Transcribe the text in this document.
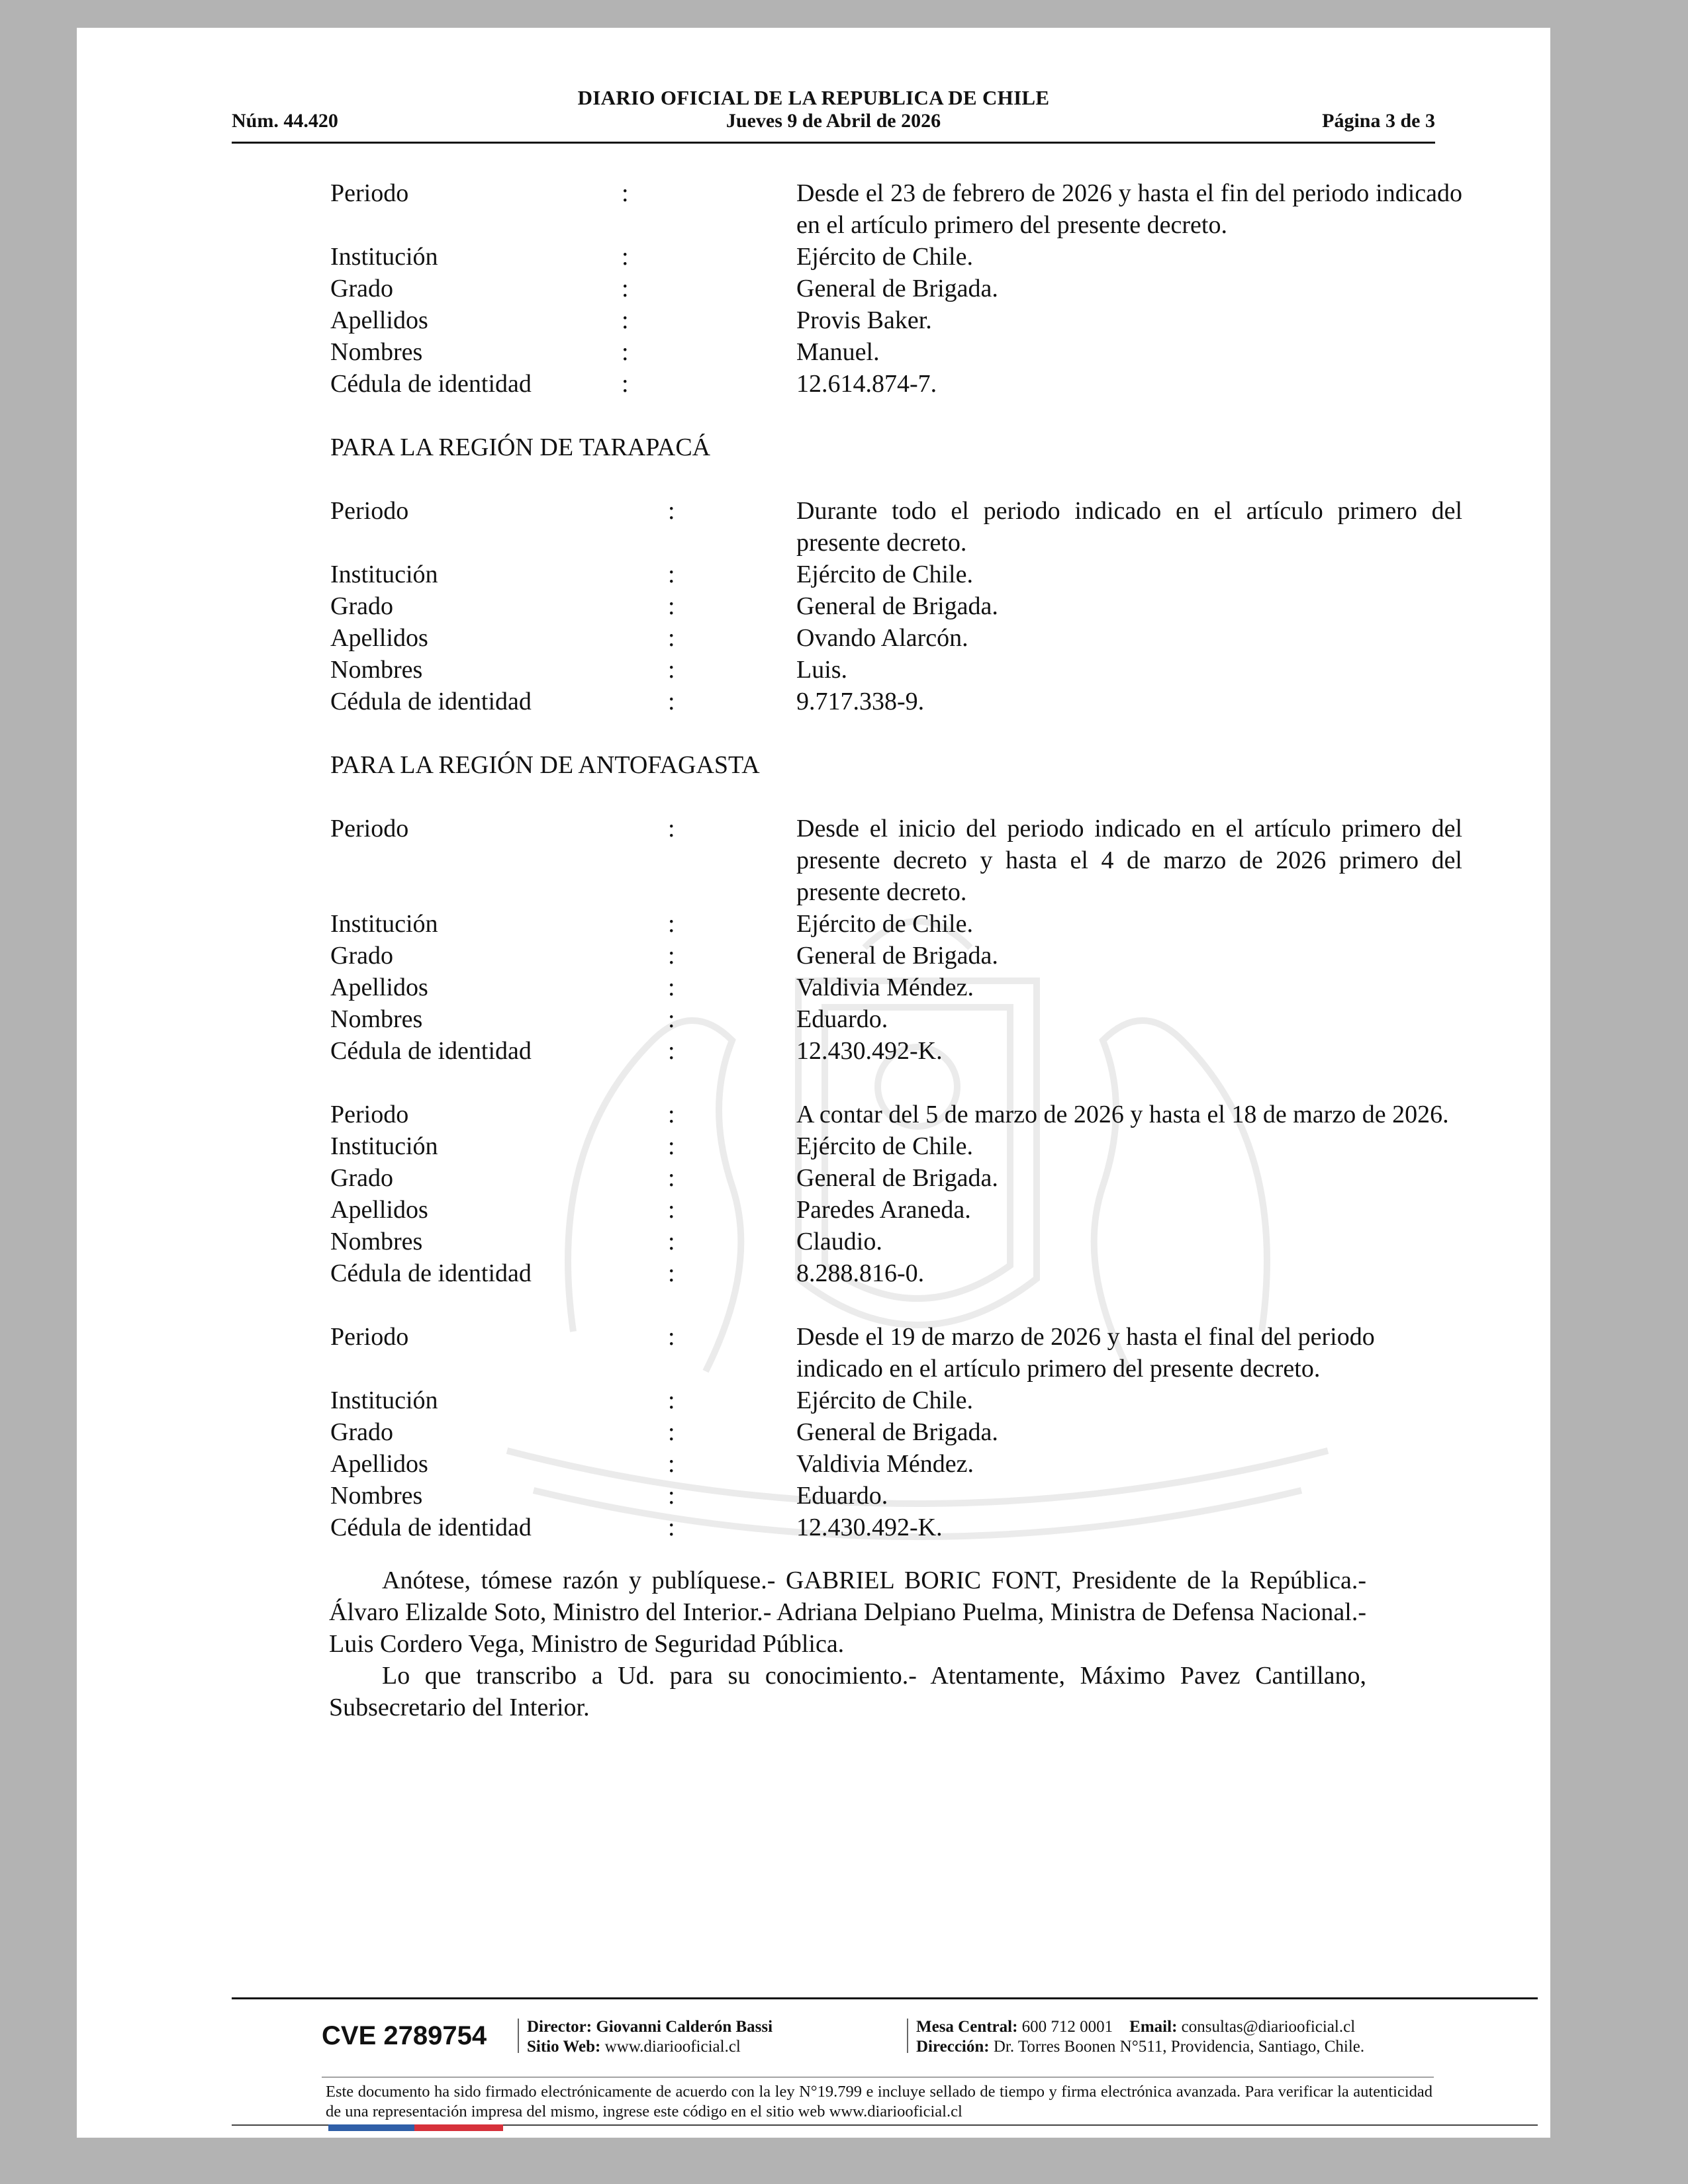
DIARIO OFICIAL DE LA REPUBLICA DE CHILE
Núm. 44.420	Jueves 9 de Abril de 2026	Página 3 de 3
Periodo	:	Desde el 23 de febrero de 2026 y hasta el fin del periodo indicado en el artículo primero del presente decreto.
Institución	:	Ejército de Chile.
Grado	:	General de Brigada.
Apellidos	:	Provis Baker.
Nombres	:	Manuel.
Cédula de identidad	:	12.614.874-7.
PARA LA REGIÓN DE TARAPACÁ
Periodo	:	Durante todo el periodo indicado en el artículo primero del presente decreto.
Institución	:	Ejército de Chile.
Grado	:	General de Brigada.
Apellidos	:	Ovando Alarcón.
Nombres	:	Luis.
Cédula de identidad	:	9.717.338-9.
PARA LA REGIÓN DE ANTOFAGASTA
Periodo	:	Desde el inicio del periodo indicado en el artículo primero del presente decreto y hasta el 4 de marzo de 2026 primero del presente decreto.
Institución	:	Ejército de Chile.
Grado	:	General de Brigada.
Apellidos	:	Valdivia Méndez.
Nombres	:	Eduardo.
Cédula de identidad	:	12.430.492-K.
Periodo	:	A contar del 5 de marzo de 2026 y hasta el 18 de marzo de 2026.
Institución	:	Ejército de Chile.
Grado	:	General de Brigada.
Apellidos	:	Paredes Araneda.
Nombres	:	Claudio.
Cédula de identidad	:	8.288.816-0.
Periodo	:	Desde el 19 de marzo de 2026 y hasta el final del periodo indicado en el artículo primero del presente decreto.
Institución	:	Ejército de Chile.
Grado	:	General de Brigada.
Apellidos	:	Valdivia Méndez.
Nombres	:	Eduardo.
Cédula de identidad	:	12.430.492-K.

Anótese, tómese razón y publíquese.- GABRIEL BORIC FONT, Presidente de la República.- Álvaro Elizalde Soto, Ministro del Interior.- Adriana Delpiano Puelma, Ministra de Defensa Nacional.- Luis Cordero Vega, Ministro de Seguridad Pública.

Lo que transcribo a Ud. para su conocimiento.- Atentamente, Máximo Pavez Cantillano, Subsecretario del Interior.

CVE 2789754 Director: Giovanni Calderón Bassi
Sitio Web: www.diariooficial.cl
Mesa Central: 600 712 0001 Email: consultas@diariooficial.cl
Dirección: Dr. Torres Boonen N°511, Providencia, Santiago, Chile.
Este documento ha sido firmado electrónicamente de acuerdo con la ley N°19.799 e incluye sellado de tiempo y firma electrónica avanzada. Para verificar la autenticidad de una representación impresa del mismo, ingrese este código en el sitio web www.diariooficial.cl
